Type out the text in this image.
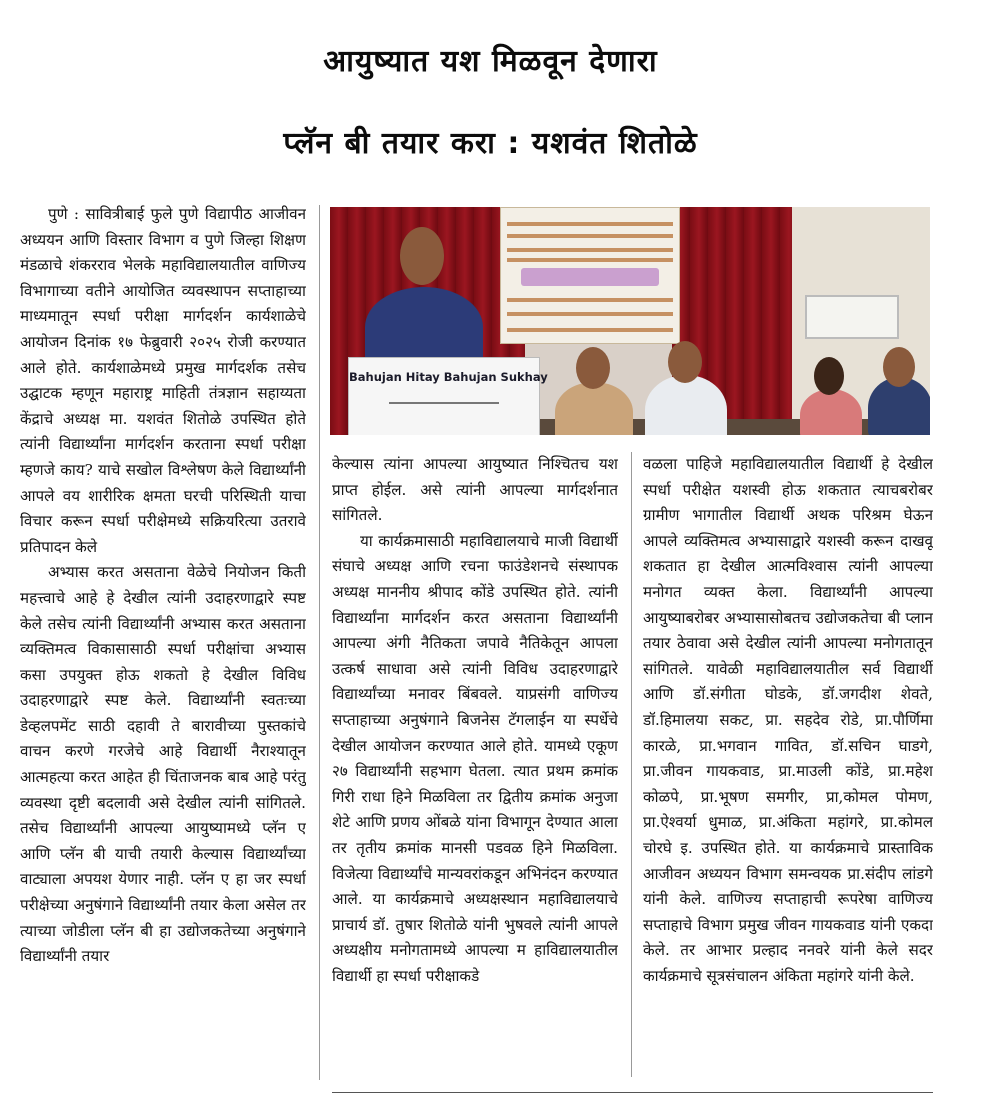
आयुष्यात यश मिळवून देणारा
प्लॅन बी तयार करा : यशवंत शितोळे
Bahujan Hitay Bahujan Sukhay

पुणे : सावित्रीबाई फुले पुणे विद्यापीठ आजीवन अध्ययन आणि विस्तार विभाग व पुणे जिल्हा शिक्षण मंडळाचे शंकरराव भेलके महाविद्यालयातील वाणिज्य विभागाच्या वतीने आयोजित व्यवस्थापन सप्ताहाच्या माध्यमातून स्पर्धा परीक्षा मार्गदर्शन कार्यशाळेचे आयोजन दिनांक १७ फेब्रुवारी २०२५ रोजी करण्यात आले होते. कार्यशाळेमध्ये प्रमुख मार्गदर्शक तसेच उद्घाटक म्हणून महाराष्ट्र माहिती तंत्रज्ञान सहाय्यता केंद्राचे अध्यक्ष मा. यशवंत शितोळे उपस्थित होते त्यांनी विद्यार्थ्यांना मार्गदर्शन करताना स्पर्धा परीक्षा म्हणजे काय? याचे सखोल विश्लेषण केले विद्यार्थ्यांनी आपले वय शारीरिक क्षमता घरची परिस्थिती याचा विचार करून स्पर्धा परीक्षेमध्ये सक्रियरित्या उतरावे प्रतिपादन केले

अभ्यास करत असताना वेळेचे नियोजन किती महत्त्वाचे आहे हे देखील त्यांनी उदाहरणाद्वारे स्पष्ट केले तसेच त्यांनी विद्यार्थ्यांनी अभ्यास करत असताना व्यक्तिमत्व विकासासाठी स्पर्धा परीक्षांचा अभ्यास कसा उपयुक्त होऊ शकतो हे देखील विविध उदाहरणाद्वारे स्पष्ट केले. विद्यार्थ्यांनी स्वतःच्या डेव्हलपमेंट साठी दहावी ते बारावीच्या पुस्तकांचे वाचन करणे गरजेचे आहे विद्यार्थी नैराश्यातून आत्महत्या करत आहेत ही चिंताजनक बाब आहे परंतु व्यवस्था दृष्टी बदलावी असे देखील त्यांनी सांगितले. तसेच विद्यार्थ्यांनी आपल्या आयुष्यामध्ये प्लॅन ए आणि प्लॅन बी याची तयारी केल्यास विद्यार्थ्यांच्या वाट्याला अपयश येणार नाही. प्लॅन ए हा जर स्पर्धा परीक्षेच्या अनुषंगाने विद्यार्थ्यांनी तयार केला असेल तर त्याच्या जोडीला प्लॅन बी हा उद्योजकतेच्या अनुषंगाने विद्यार्थ्यांनी तयार

केल्यास त्यांना आपल्या आयुष्यात निश्चितच यश प्राप्त होईल. असे त्यांनी आपल्या मार्गदर्शनात सांगितले.

या कार्यक्रमासाठी महाविद्यालयाचे माजी विद्यार्थी संघाचे अध्यक्ष आणि रचना फाउंडेशनचे संस्थापक अध्यक्ष माननीय श्रीपाद कोंडे उपस्थित होते. त्यांनी विद्यार्थ्यांना मार्गदर्शन करत असताना विद्यार्थ्यांनी आपल्या अंगी नैतिकता जपावे नैतिकेतून आपला उत्कर्ष साधावा असे त्यांनी विविध उदाहरणाद्वारे विद्यार्थ्यांच्या मनावर बिंबवले. याप्रसंगी वाणिज्य सप्ताहाच्या अनुषंगाने बिजनेस टॅगलाईन या स्पर्धेचे देखील आयोजन करण्यात आले होते. यामध्ये एकूण २७ विद्यार्थ्यांनी सहभाग घेतला. त्यात प्रथम क्रमांक गिरी राधा हिने मिळविला तर द्वितीय क्रमांक अनुजा शेटे आणि प्रणय ओंबळे यांना विभागून देण्यात आला तर तृतीय क्रमांक मानसी पडवळ हिने मिळविला. विजेत्या विद्यार्थ्यांचे मान्यवरांकडून अभिनंदन करण्यात आले. या कार्यक्रमाचे अध्यक्षस्थान महाविद्यालयाचे प्राचार्य डॉ. तुषार शितोळे यांनी भुषवले त्यांनी आपले अध्यक्षीय मनोगतामध्ये आपल्या म हाविद्यालयातील विद्यार्थी हा स्पर्धा परीक्षाकडे

वळला पाहिजे महाविद्यालयातील विद्यार्थी हे देखील स्पर्धा परीक्षेत यशस्वी होऊ शकतात त्याचबरोबर ग्रामीण भागातील विद्यार्थी अथक परिश्रम घेऊन आपले व्यक्तिमत्व अभ्यासाद्वारे यशस्वी करून दाखवू शकतात हा देखील आत्मविश्वास त्यांनी आपल्या मनोगत व्यक्त केला. विद्यार्थ्यांनी आपल्या आयुष्याबरोबर अभ्यासासोबतच उद्योजकतेचा बी प्लान तयार ठेवावा असे देखील त्यांनी आपल्या मनोगतातून सांगितले. यावेळी महाविद्यालयातील सर्व विद्यार्थी आणि डॉ.संगीता घोडके, डॉ.जगदीश शेवते, डॉ.हिमालया सकट, प्रा. सहदेव रोडे, प्रा.पौर्णिमा कारळे, प्रा.भगवान गावित, डॉ.सचिन घाडगे, प्रा.जीवन गायकवाड, प्रा.माउली कोंडे, प्रा.महेश कोळपे, प्रा.भूषण समगीर, प्रा,कोमल पोमण, प्रा.ऐश्वर्या धुमाळ, प्रा.अंकिता महांगरे, प्रा.कोमल चोरघे इ. उपस्थित होते. या कार्यक्रमाचे प्रास्ताविक आजीवन अध्ययन विभाग समन्वयक प्रा.संदीप लांडगे यांनी केले. वाणिज्य सप्ताहाची रूपरेषा वाणिज्य सप्ताहाचे विभाग प्रमुख जीवन गायकवाड यांनी एकदा केले. तर आभार प्रल्हाद ननवरे यांनी केले सदर कार्यक्रमाचे सूत्रसंचालन अंकिता महांगरे यांनी केले.
